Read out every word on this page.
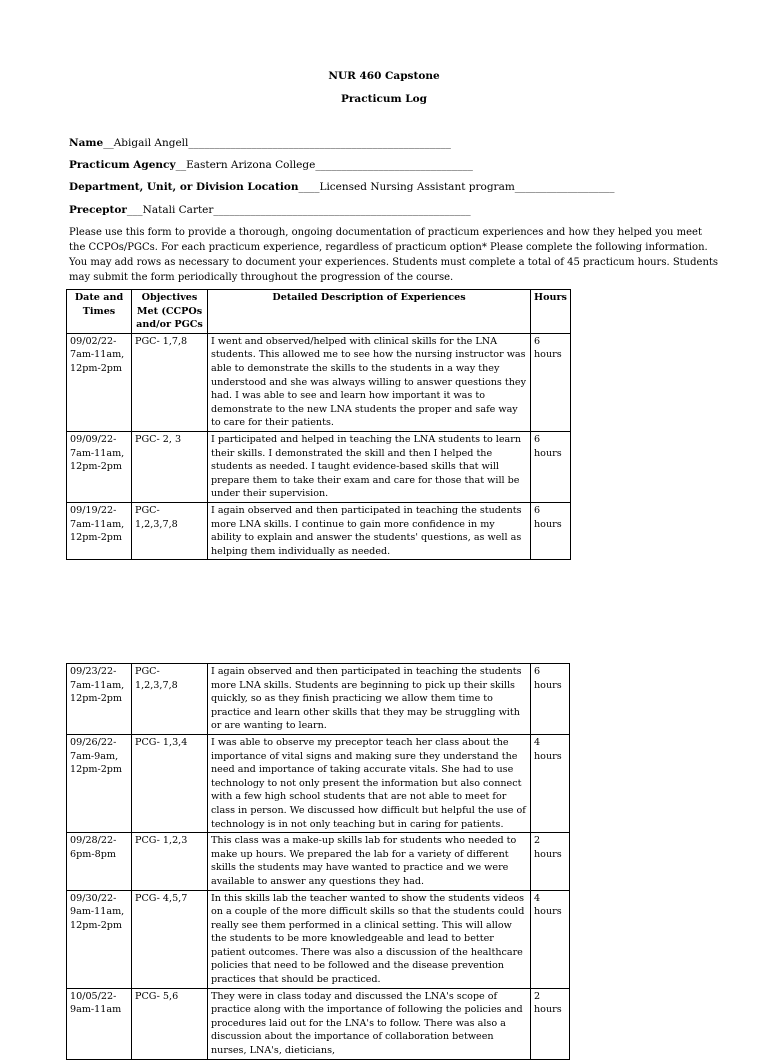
NUR 460 Capstone
Practicum Log
Name__Abigail Angell__________________________________________________
Practicum Agency__Eastern Arizona College______________________________
Department, Unit, or Division Location____Licensed Nursing Assistant program___________________
Preceptor___Natali Carter_________________________________________________
Please use this form to provide a thorough, ongoing documentation of practicum experiences and how they helped you meet the CCPOs/PGCs. For each practicum experience, regardless of practicum option* Please complete the following information. You may add rows as necessary to document your experiences. Students must complete a total of 45 practicum hours. Students may submit the form periodically throughout the progression of the course.
Date and Times	Objectives Met (CCPOs and/or PGCs	Detailed Description of Experiences	Hours
09/02/22- 7am-11am, 12pm-2pm	PGC- 1,7,8	I went and observed/helped with clinical skills for the LNA students. This allowed me to see how the nursing instructor was able to demonstrate the skills to the students in a way they understood and she was always willing to answer questions they had. I was able to see and learn how important it was to demonstrate to the new LNA students the proper and safe way to care for their patients.	6 hours
09/09/22- 7am-11am, 12pm-2pm	PGC- 2, 3	I participated and helped in teaching the LNA students to learn their skills. I demonstrated the skill and then I helped the students as needed. I taught evidence-based skills that will prepare them to take their exam and care for those that will be under their supervision.	6 hours
09/19/22- 7am-11am, 12pm-2pm	PGC- 1,2,3,7,8	I again observed and then participated in teaching the students more LNA skills. I continue to gain more confidence in my ability to explain and answer the students' questions, as well as helping them individually as needed.	6 hours
09/23/22- 7am-11am, 12pm-2pm	PGC- 1,2,3,7,8	I again observed and then participated in teaching the students more LNA skills. Students are beginning to pick up their skills quickly, so as they finish practicing we allow them time to practice and learn other skills that they may be struggling with or are wanting to learn.	6 hours
09/26/22- 7am-9am, 12pm-2pm	PCG- 1,3,4	I was able to observe my preceptor teach her class about the importance of vital signs and making sure they understand the need and importance of taking accurate vitals. She had to use technology to not only present the information but also connect with a few high school students that are not able to meet for class in person. We discussed how difficult but helpful the use of technology is in not only teaching but in caring for patients.	4 hours
09/28/22- 6pm-8pm	PCG- 1,2,3	This class was a make-up skills lab for students who needed to make up hours. We prepared the lab for a variety of different skills the students may have wanted to practice and we were available to answer any questions they had.	2 hours
09/30/22- 9am-11am, 12pm-2pm	PCG- 4,5,7	In this skills lab the teacher wanted to show the students videos on a couple of the more difficult skills so that the students could really see them performed in a clinical setting. This will allow the students to be more knowledgeable and lead to better patient outcomes. There was also a discussion of the healthcare policies that need to be followed and the disease prevention practices that should be practiced.	4 hours
10/05/22- 9am-11am	PCG- 5,6	They were in class today and discussed the LNA's scope of practice along with the importance of following the policies and procedures laid out for the LNA's to follow. There was also a discussion about the importance of collaboration between nurses, LNA's, dieticians,	2 hours
